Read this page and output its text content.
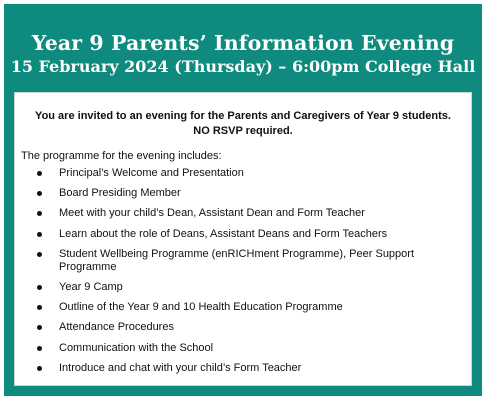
Year 9 Parents’ Information Evening
15 February 2024 (Thursday) – 6:00pm College Hall
You are invited to an evening for the Parents and Caregivers of Year 9 students.
NO RSVP required.
The programme for the evening includes:
Principal’s Welcome and Presentation
Board Presiding Member
Meet with your child’s Dean, Assistant Dean and Form Teacher
Learn about the role of Deans, Assistant Deans and Form Teachers
Student Wellbeing Programme (enRICHment Programme), Peer Support Programme
Year 9 Camp
Outline of the Year 9 and 10 Health Education Programme
Attendance Procedures
Communication with the School
Introduce and chat with your child’s Form Teacher
